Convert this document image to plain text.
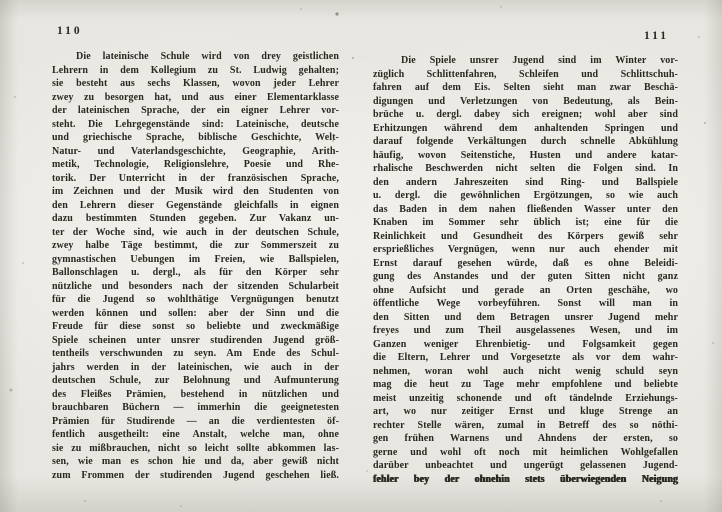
110
Die lateinische Schule wird von drey geistlichen
Lehrern in dem Kollegium zu St. Ludwig gehalten;
sie besteht aus sechs Klassen, wovon jeder Lehrer
zwey zu besorgen hat, und aus einer Elementarklasse
der lateinischen Sprache, der ein eigner Lehrer vor-
steht. Die Lehrgegenstände sind: Lateinische, deutsche
und griechische Sprache, biblische Geschichte, Welt-
Natur- und Vaterlandsgeschichte, Geographie, Arith-
metik, Technologie, Religionslehre, Poesie und Rhe-
torik. Der Unterricht in der französischen Sprache,
im Zeichnen und der Musik wird den Studenten von
den Lehrern dieser Gegenstände gleichfalls in eignen
dazu bestimmten Stunden gegeben. Zur Vakanz un-
ter der Woche sind, wie auch in der deutschen Schule,
zwey halbe Täge bestimmt, die zur Sommerszeit zu
gymnastischen Uebungen im Freien, wie Ballspielen,
Ballonschlagen u. dergl., als für den Körper sehr
nützliche und besonders nach der sitzenden Schularbeit
für die Jugend so wohlthätige Vergnügungen benutzt
werden können und sollen: aber der Sinn und die
Freude für diese sonst so beliebte und zweckmäßige
Spiele scheinen unter unsrer studirenden Jugend größ-
tentheils verschwunden zu seyn. Am Ende des Schul-
jahrs werden in der lateinischen, wie auch in der
deutschen Schule, zur Belohnung und Aufmunterung
des Fleißes Prämien, bestehend in nützlichen und
brauchbaren Büchern — immerhin die geeignetesten
Prämien für Studirende — an die verdientesten öf-
fentlich ausgetheilt: eine Anstalt, welche man, ohne
sie zu mißbrauchen, nicht so leicht sollte abkommen las-
sen, wie man es schon hie und da, aber gewiß nicht
zum Frommen der studirenden Jugend geschehen ließ.
111
Die Spiele unsrer Jugend sind im Winter vor-
züglich Schlittenfahren, Schleifen und Schlittschuh-
fahren auf dem Eis. Selten sieht man zwar Beschä-
digungen und Verletzungen von Bedeutung, als Bein-
brüche u. dergl. dabey sich ereignen; wohl aber sind
Erhitzungen während dem anhaltenden Springen und
darauf folgende Verkältungen durch schnelle Abkühlung
häufig, wovon Seitenstiche, Husten und andere katar-
rhalische Beschwerden nicht selten die Folgen sind. In
den andern Jahreszeiten sind Ring- und Ballspiele
u. dergl. die gewöhnlichen Ergötzungen, so wie auch
das Baden in dem nahen fließenden Wasser unter den
Knaben im Sommer sehr üblich ist; eine für die
Reinlichkeit und Gesundheit des Körpers gewiß sehr
ersprießliches Vergnügen, wenn nur auch ehender mit
Ernst darauf gesehen würde, daß es ohne Beleidi-
gung des Anstandes und der guten Sitten nicht ganz
ohne Aufsicht und gerade an Orten geschähe, wo
öffentliche Wege vorbeyführen. Sonst will man in
den Sitten und dem Betragen unsrer Jugend mehr
freyes und zum Theil ausgelassenes Wesen, und im
Ganzen weniger Ehrenbietig- und Folgsamkeit gegen
die Eltern, Lehrer und Vorgesetzte als vor dem wahr-
nehmen, woran wohl auch nicht wenig schuld seyn
mag die heut zu Tage mehr empfohlene und beliebte
meist unzeitig schonende und oft tändelnde Erziehungs-
art, wo nur zeitiger Ernst und kluge Strenge an
rechter Stelle wären, zumal in Betreff des so nöthi-
gen frühen Warnens und Ahndens der ersten, so
gerne und wohl oft noch mit heimlichen Wohlgefallen
darüber unbeachtet und ungerügt gelassenen Jugend-
fehler bey der ohnehin stets überwiegenden Neigung
